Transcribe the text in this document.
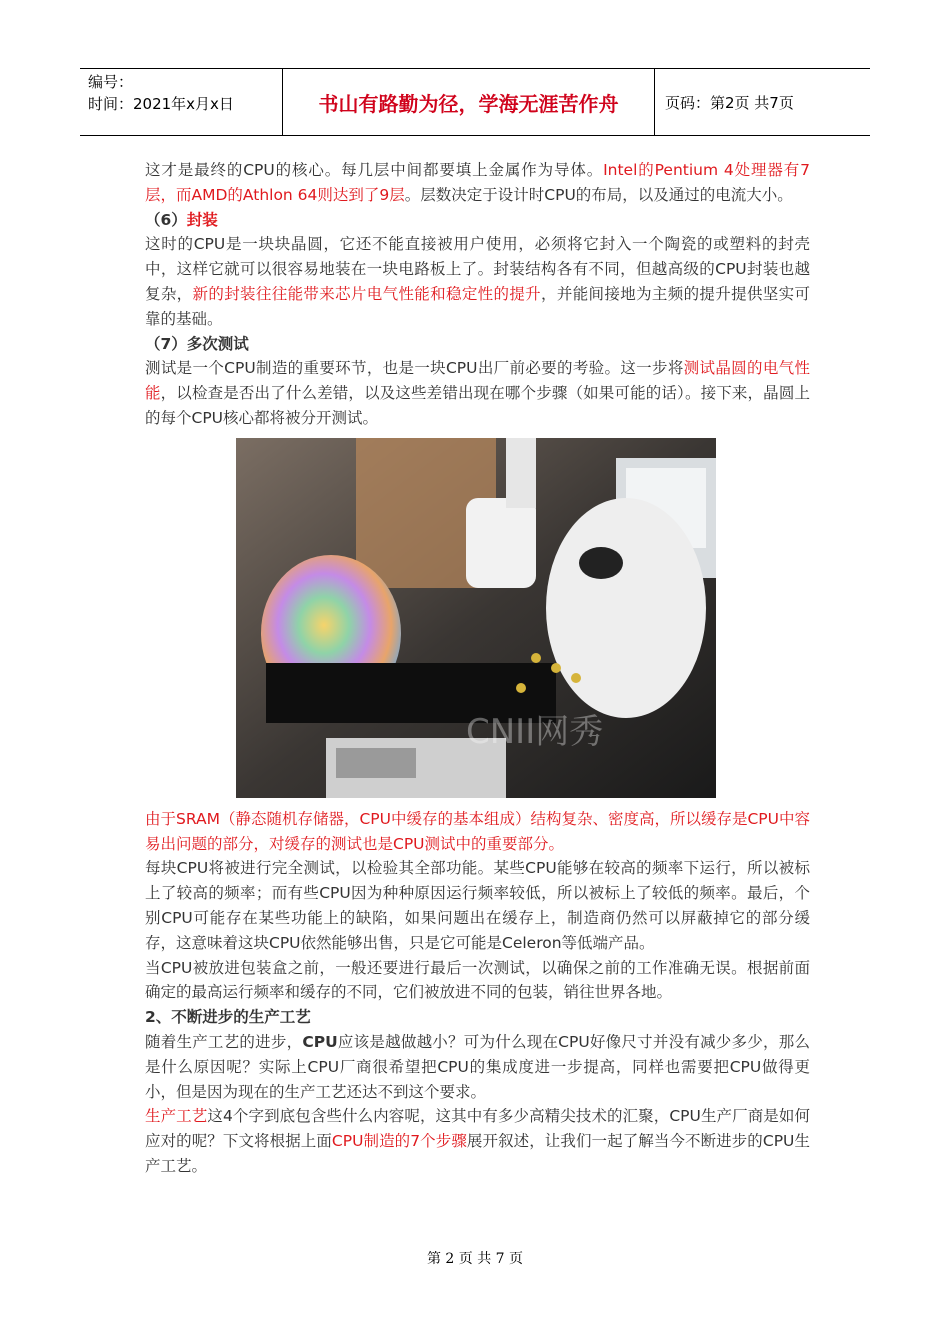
编号：
时间：2021年x月x日	书山有路勤为径，学海无涯苦作舟	页码：第2页 共7页

这才是最终的CPU的核心。每几层中间都要填上金属作为导体。Intel的Pentium 4处理器有7层，而AMD的Athlon 64则达到了9层。层数决定于设计时CPU的布局，以及通过的电流大小。

（6）封装

这时的CPU是一块块晶圆，它还不能直接被用户使用，必须将它封入一个陶瓷的或塑料的封壳中，这样它就可以很容易地装在一块电路板上了。封装结构各有不同，但越高级的CPU封装也越复杂，新的封装往往能带来芯片电气性能和稳定性的提升，并能间接地为主频的提升提供坚实可靠的基础。

（7）多次测试

测试是一个CPU制造的重要环节，也是一块CPU出厂前必要的考验。这一步将测试晶圆的电气性能，以检查是否出了什么差错，以及这些差错出现在哪个步骤（如果可能的话）。接下来，晶圆上的每个CPU核心都将被分开测试。

CNII网秀

由于SRAM（静态随机存储器，CPU中缓存的基本组成）结构复杂、密度高，所以缓存是CPU中容易出问题的部分，对缓存的测试也是CPU测试中的重要部分。

每块CPU将被进行完全测试，以检验其全部功能。某些CPU能够在较高的频率下运行，所以被标上了较高的频率；而有些CPU因为种种原因运行频率较低，所以被标上了较低的频率。最后，个别CPU可能存在某些功能上的缺陷，如果问题出在缓存上，制造商仍然可以屏蔽掉它的部分缓存，这意味着这块CPU依然能够出售，只是它可能是Celeron等低端产品。

当CPU被放进包装盒之前，一般还要进行最后一次测试，以确保之前的工作准确无误。根据前面确定的最高运行频率和缓存的不同，它们被放进不同的包装，销往世界各地。

2、不断进步的生产工艺

随着生产工艺的进步，CPU应该是越做越小？可为什么现在CPU好像尺寸并没有减少多少，那么是什么原因呢？实际上CPU厂商很希望把CPU的集成度进一步提高，同样也需要把CPU做得更小，但是因为现在的生产工艺还达不到这个要求。

生产工艺这4个字到底包含些什么内容呢，这其中有多少高精尖技术的汇聚，CPU生产厂商是如何应对的呢？下文将根据上面CPU制造的7个步骤展开叙述，让我们一起了解当今不断进步的CPU生产工艺。

第 2 页 共 7 页
